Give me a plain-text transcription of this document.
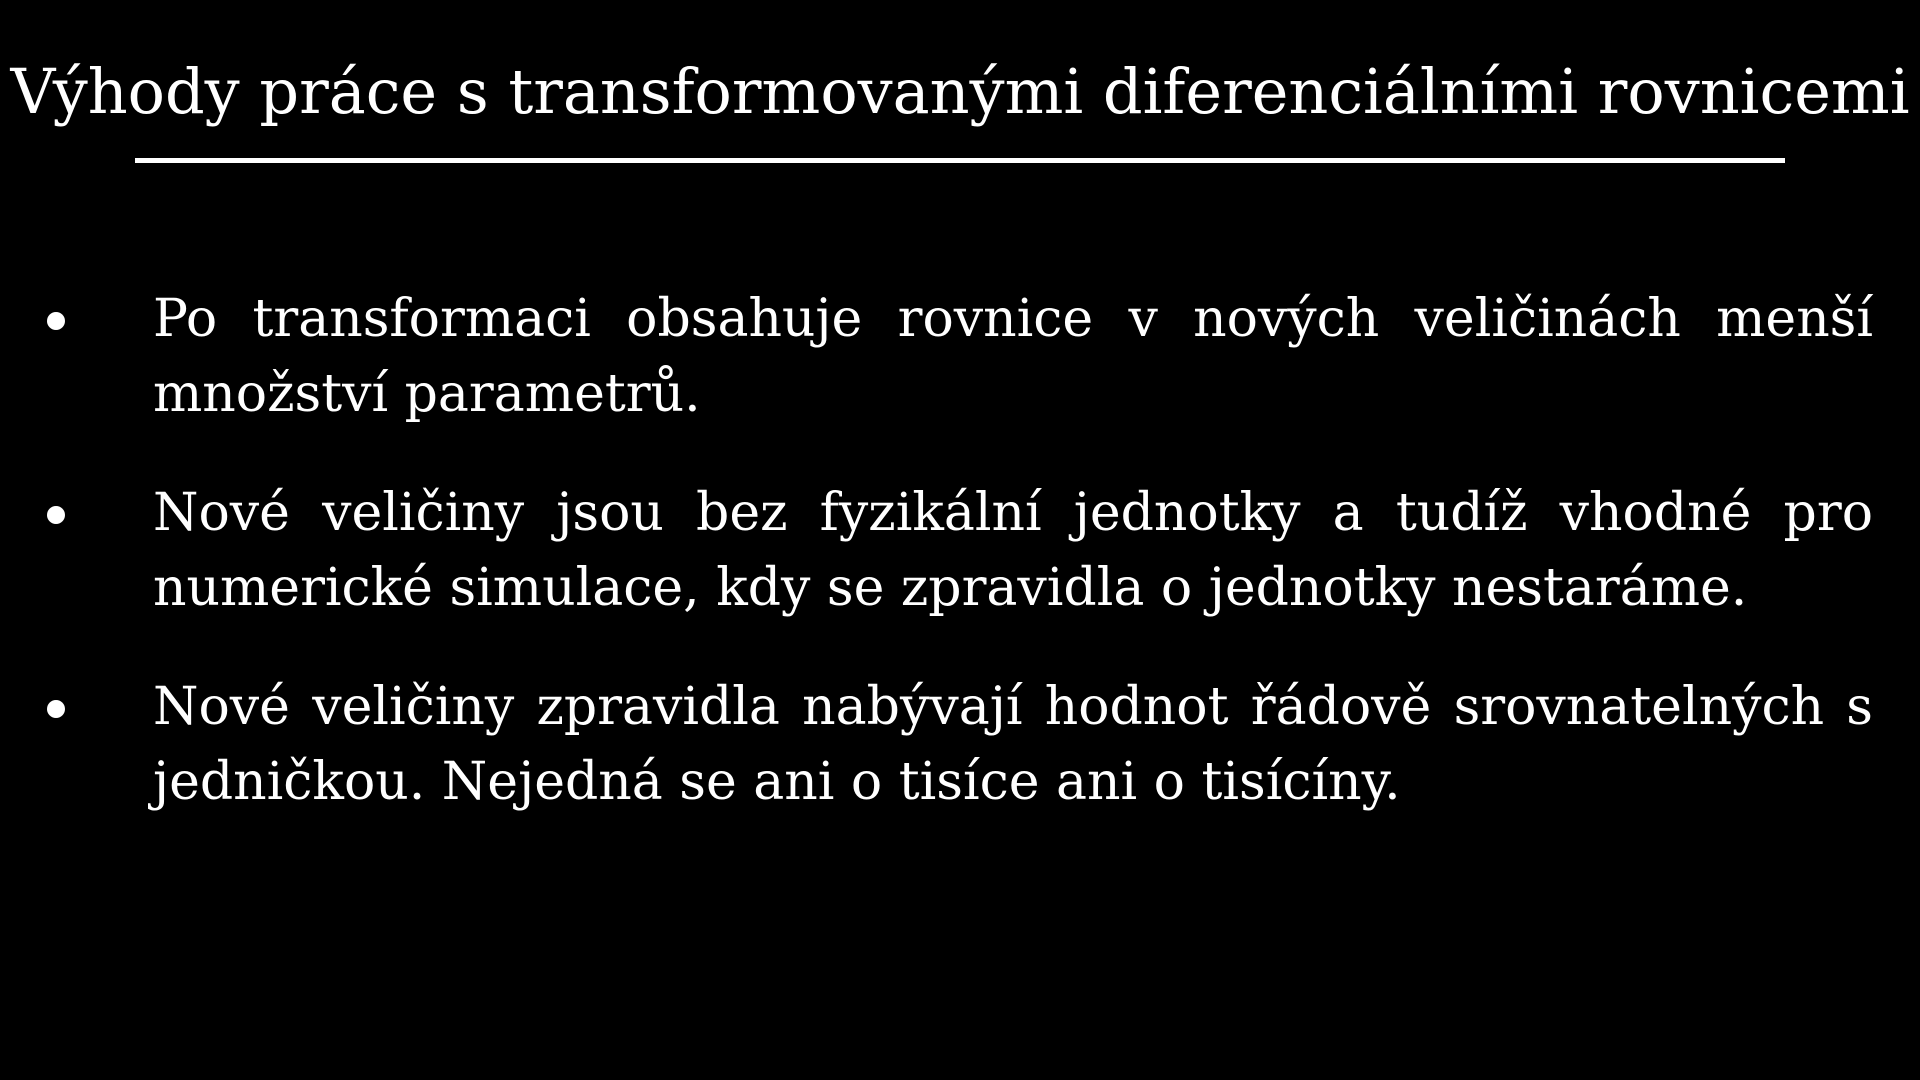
Výhody práce s transformovanými diferenciálními rovnicemi
Po transformaci obsahuje rovnice v nových veličinách menší množství parametrů.
Nové veličiny jsou bez fyzikální jednotky a tudíž vhodné pro numerické simulace, kdy se zpravidla o jednotky nestaráme.
Nové veličiny zpravidla nabývají hodnot řádově srovnatelných s jedničkou. Nejedná se ani o tisíce ani o tisícíny.
